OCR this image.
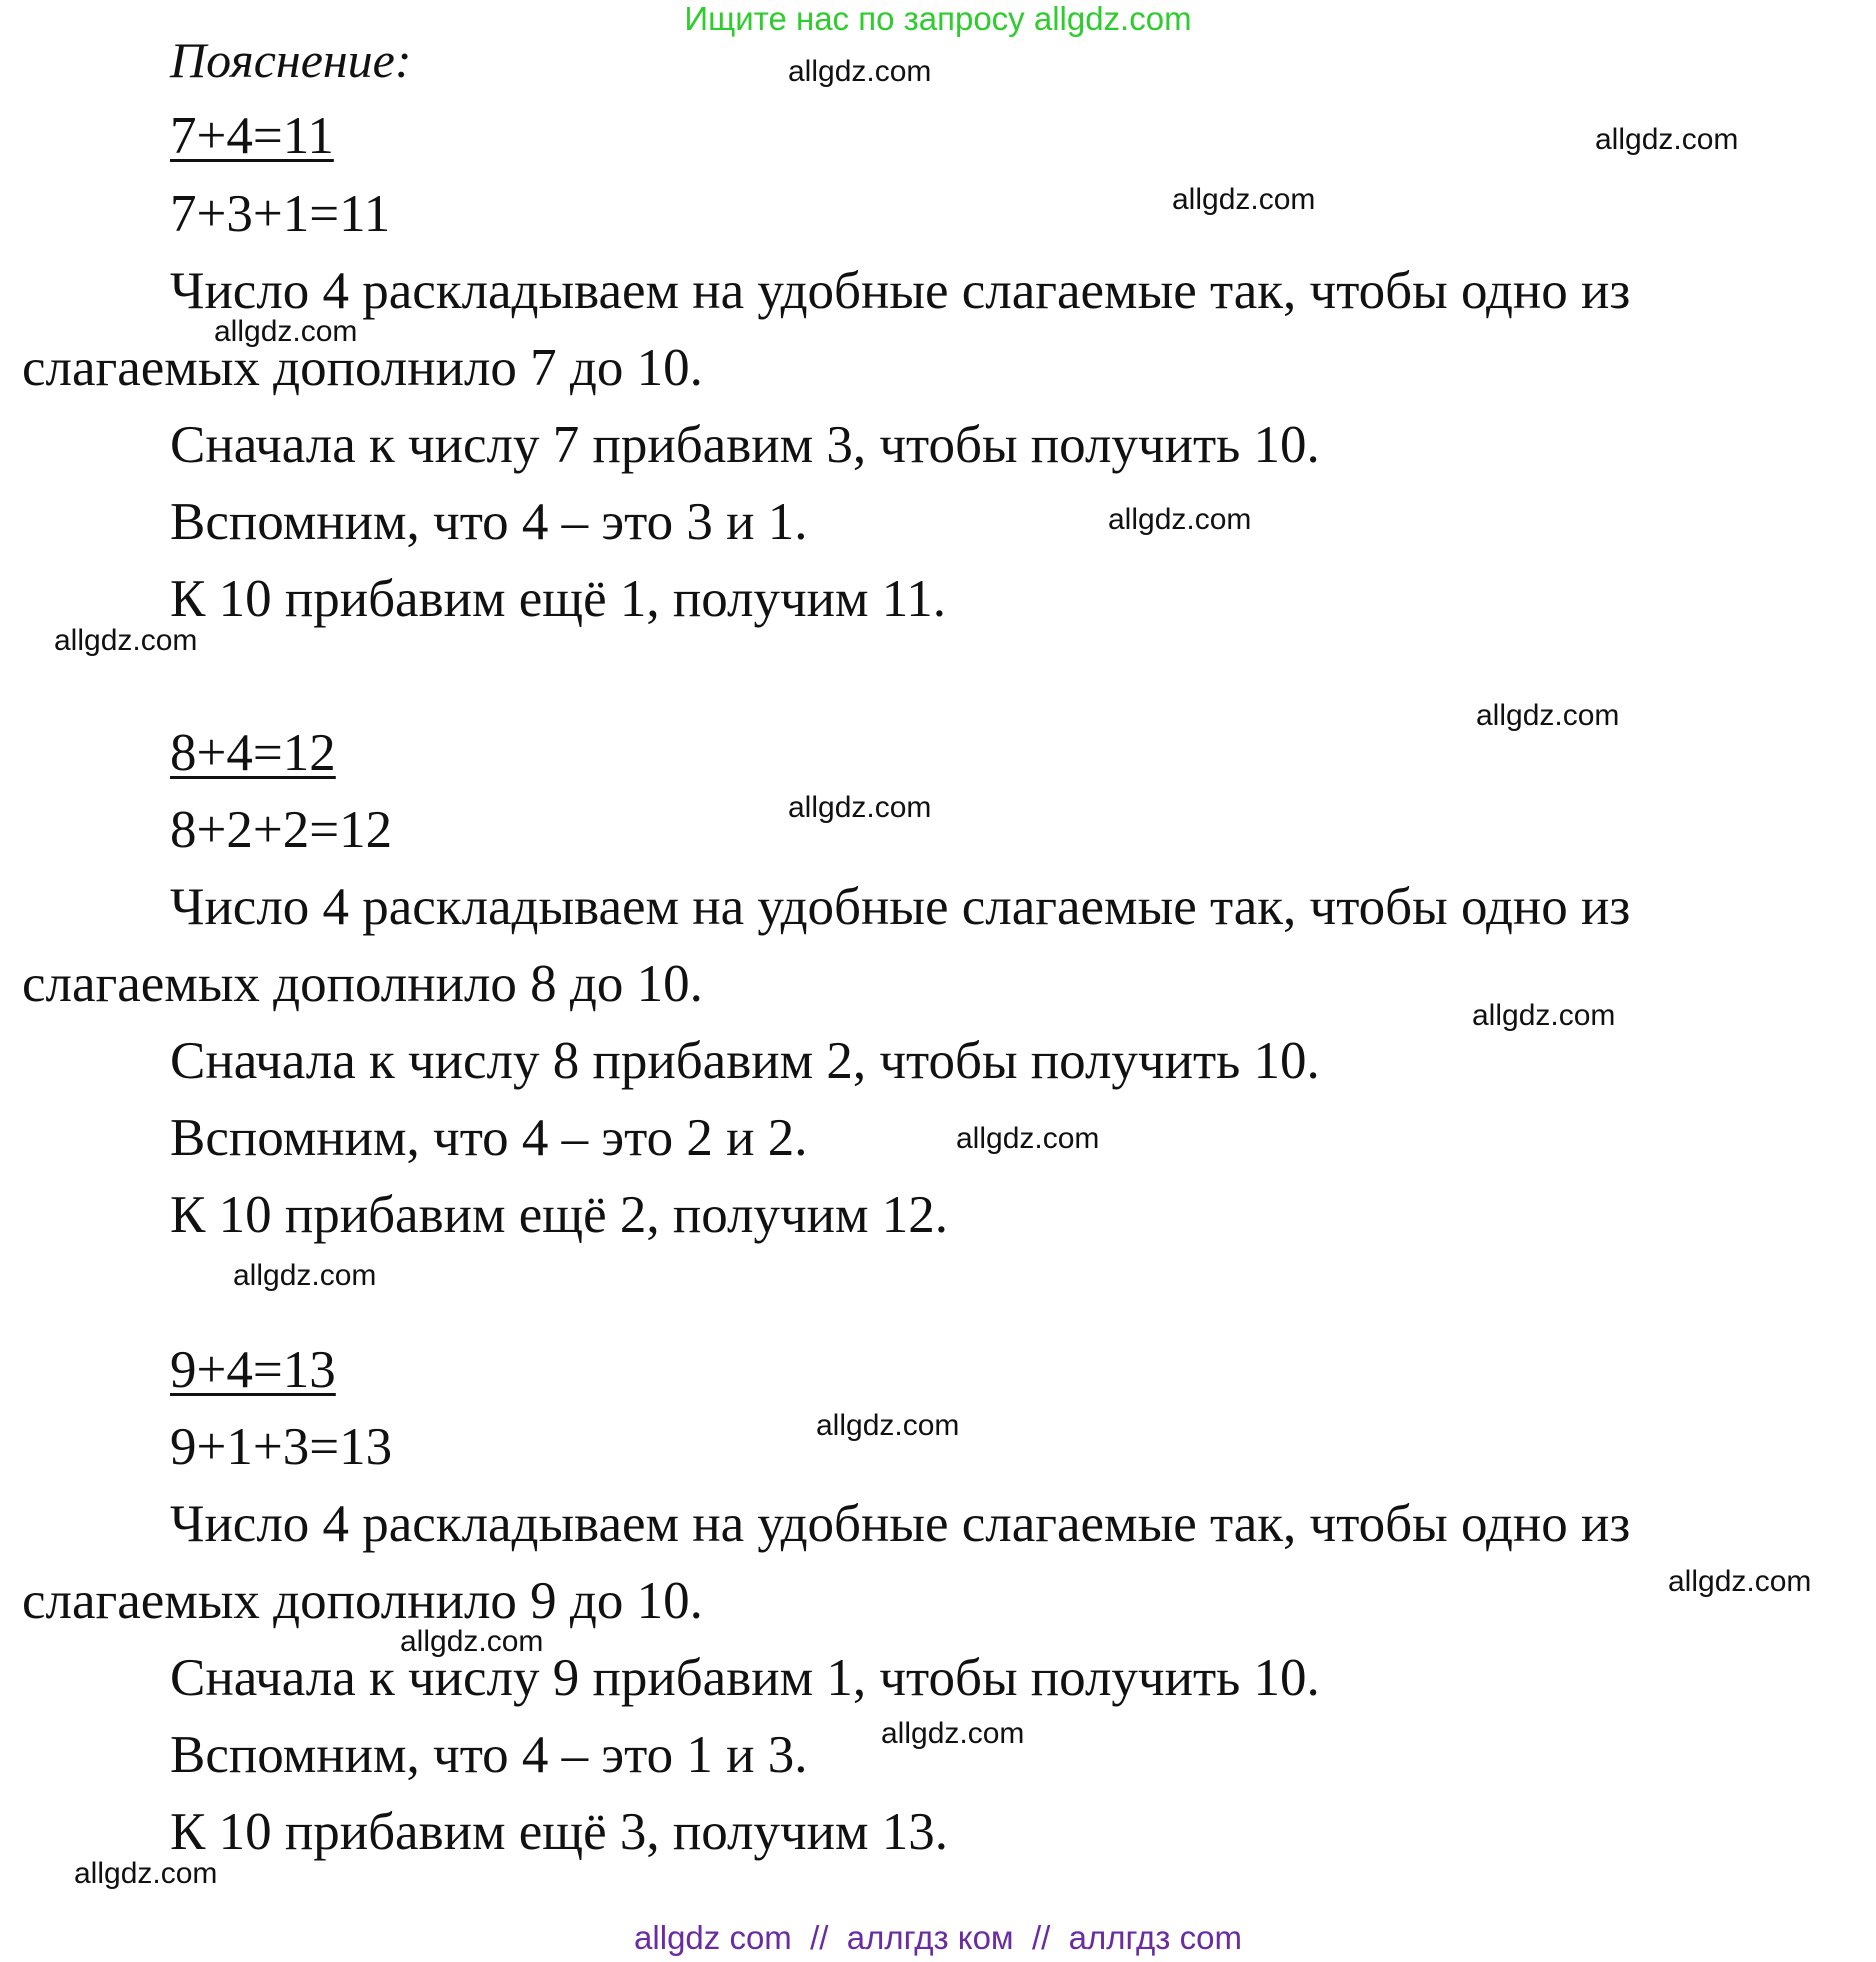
Ищите нас по запросу allgdz.com
Пояснение:
7+4=11
7+3+1=11
Число 4 раскладываем на удобные слагаемые так, чтобы одно из
слагаемых дополнило 7 до 10.
Сначала к числу 7 прибавим 3, чтобы получить 10.
Вспомним, что 4 – это 3 и 1.
К 10 прибавим ещё 1, получим 11.
8+4=12
8+2+2=12
Число 4 раскладываем на удобные слагаемые так, чтобы одно из
слагаемых дополнило 8 до 10.
Сначала к числу 8 прибавим 2, чтобы получить 10.
Вспомним, что 4 – это 2 и 2.
К 10 прибавим ещё 2, получим 12.
9+4=13
9+1+3=13
Число 4 раскладываем на удобные слагаемые так, чтобы одно из
слагаемых дополнило 9 до 10.
Сначала к числу 9 прибавим 1, чтобы получить 10.
Вспомним, что 4 – это 1 и 3.
К 10 прибавим ещё 3, получим 13.
allgdz.com
allgdz.com
allgdz.com
allgdz.com
allgdz.com
allgdz.com
allgdz.com
allgdz.com
allgdz.com
allgdz.com
allgdz.com
allgdz.com
allgdz.com
allgdz.com
allgdz.com
allgdz.com
allgdz com  //  аллгдз ком  //  аллгдз com
